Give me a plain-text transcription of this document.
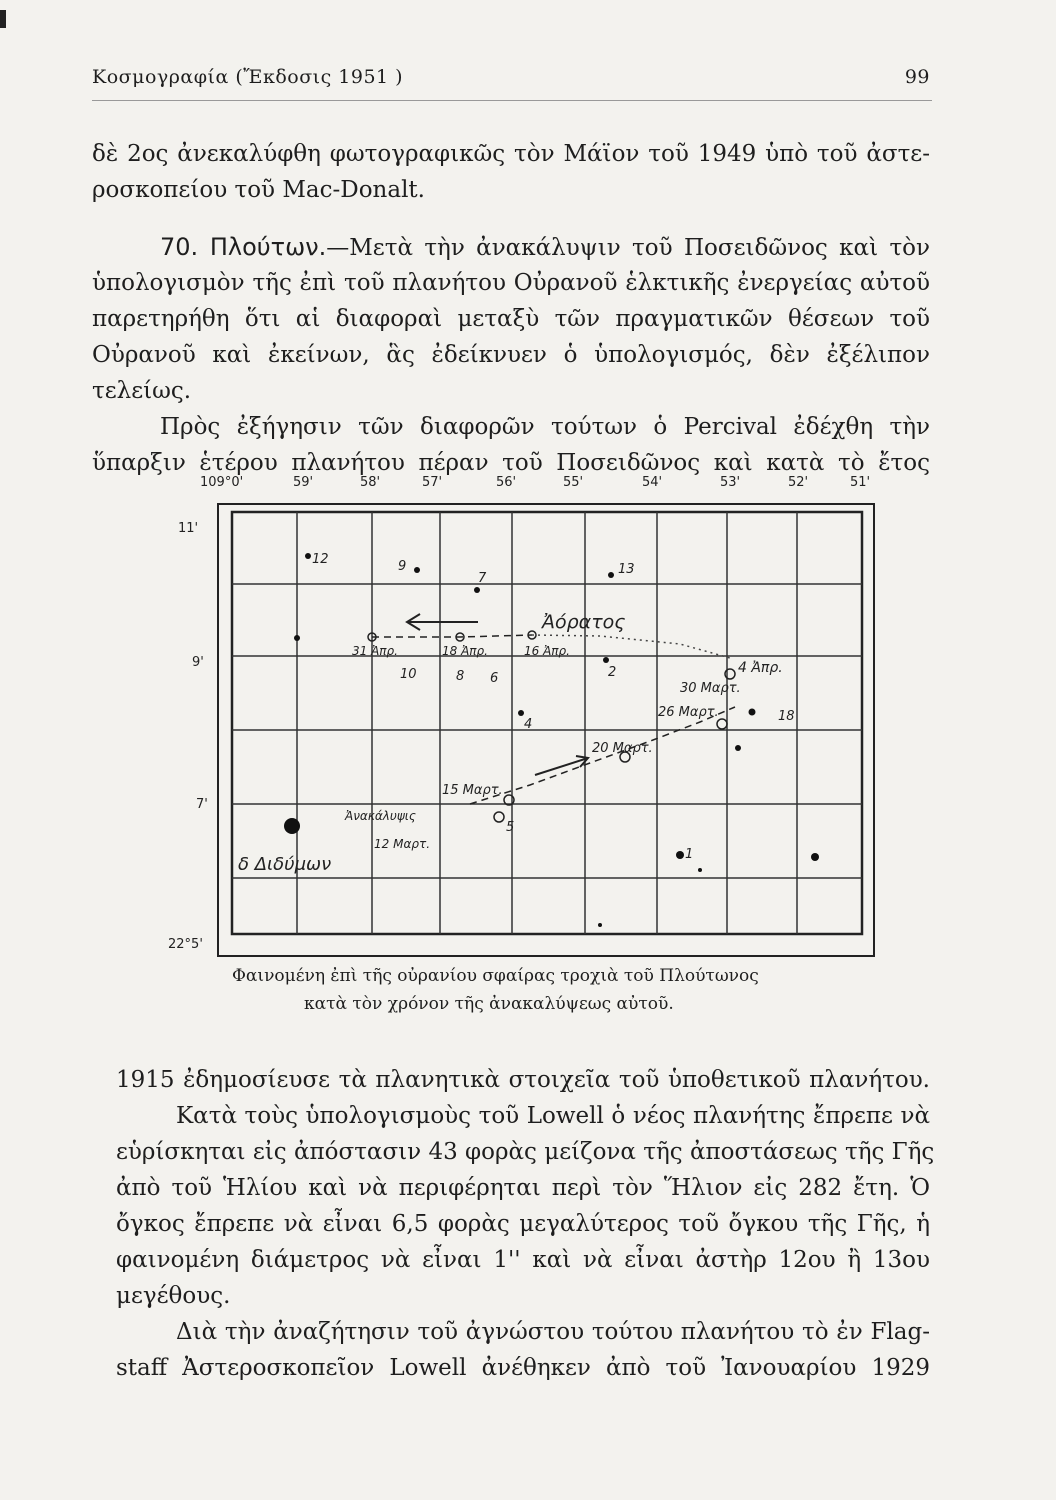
Κοσμογραφία (Ἔκδοσις 1951 )	99
δὲ 2ος ἀνεκαλύφθη φωτογραφικῶς τὸν Μάϊον τοῦ 1949 ὑπὸ τοῦ ἀστε-
ροσκοπείου τοῦ Mac-Donalt.
70. Πλούτων.—Μετὰ τὴν ἀνακάλυψιν τοῦ Ποσειδῶνος καὶ τὸν
ὑπολογισμὸν τῆς ἐπὶ τοῦ πλανήτου Οὐρανοῦ ἑλκτικῆς ἐνεργείας αὐτοῦ
παρετηρήθη ὅτι αἱ διαφοραὶ μεταξὺ τῶν πραγματικῶν θέσεων τοῦ
Οὐρανοῦ καὶ ἐκείνων, ἃς ἐδείκνυεν ὁ ὑπολογισμός, δὲν ἐξέλιπον
τελείως.
Πρὸς ἐξήγησιν τῶν διαφορῶν τούτων ὁ Percival ἐδέχθη τὴν
ὕπαρξιν ἑτέρου πλανήτου πέραν τοῦ Ποσειδῶνος καὶ κατὰ τὸ ἔτος
109°0'	59'	58'	57'	56'	55'	54'	53'	52'	51'
11'
9'
7'
22°5'
12	9
7
13
10	8 6	2
4
18
5
1
Ἀόρατος
31 Ἀπρ.	18 Ἀπρ.	16 Ἀπρ.
4 Ἀπρ.
30 Μαρτ.
26 Μαρτ.
20 Μαρτ.
15 Μαρτ.
Ἀνακάλυψις
12 Μαρτ.
δ Διδύμων
Φαινομένη ἐπὶ τῆς οὐρανίου σφαίρας τροχιὰ τοῦ Πλούτωνος
κατὰ τὸν χρόνον τῆς ἀνακαλύψεως αὐτοῦ.
1915 ἐδημοσίευσε τὰ πλανητικὰ στοιχεῖα τοῦ ὑποθετικοῦ πλανήτου.
Κατὰ τοὺς ὑπολογισμοὺς τοῦ Lowell ὁ νέος πλανήτης ἔπρεπε νὰ
εὑρίσκηται εἰς ἀπόστασιν 43 φορὰς μείζονα τῆς ἀποστάσεως τῆς Γῆς
ἀπὸ τοῦ Ἡλίου καὶ νὰ περιφέρηται περὶ τὸν Ἥλιον εἰς 282 ἔτη. Ὁ
ὄγκος ἔπρεπε νὰ εἶναι 6,5 φορὰς μεγαλύτερος τοῦ ὄγκου τῆς Γῆς, ἡ
φαινομένη διάμετρος νὰ εἶναι 1'' καὶ νὰ εἶναι ἀστὴρ 12ου ἢ 13ου
μεγέθους.
Διὰ τὴν ἀναζήτησιν τοῦ ἀγνώστου τούτου πλανήτου τὸ ἐν Flag-
staff Ἀστεροσκοπεῖον Lowell ἀνέθηκεν ἀπὸ τοῦ Ἰανουαρίου 1929
